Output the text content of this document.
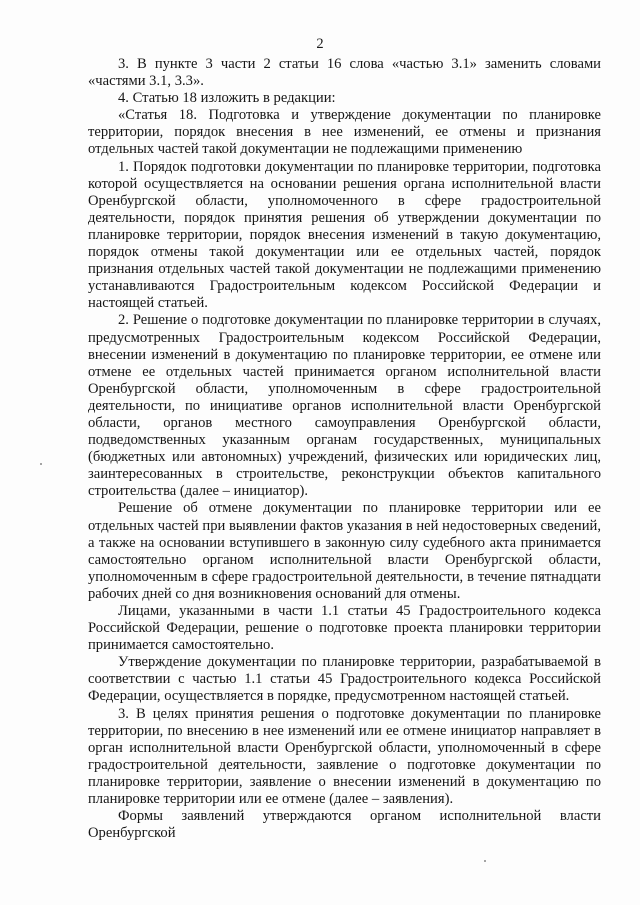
2

3. В пункте 3 части 2 статьи 16 слова «частью 3.1» заменить словами «частями 3.1, 3.3».

4. Статью 18 изложить в редакции:

«Статья 18. Подготовка и утверждение документации по планировке территории, порядок внесения в нее изменений, ее отмены и признания отдельных частей такой документации не подлежащими применению

1. Порядок подготовки документации по планировке территории, подготовка которой осуществляется на основании решения органа исполнительной власти Оренбургской области, уполномоченного в сфере градостроительной деятельности, порядок принятия решения об утверждении документации по планировке территории, порядок внесения изменений в такую документацию, порядок отмены такой документации или ее отдельных частей, порядок признания отдельных частей такой документации не подлежащими применению устанавливаются Градостроительным кодексом Российской Федерации и настоящей статьей.

2. Решение о подготовке документации по планировке территории в случаях, предусмотренных Градостроительным кодексом Российской Федерации, внесении изменений в документацию по планировке территории, ее отмене или отмене ее отдельных частей принимается органом исполнительной власти Оренбургской области, уполномоченным в сфере градостроительной деятельности, по инициативе органов исполнительной власти Оренбургской области, органов местного самоуправления Оренбургской области, подведомственных указанным органам государственных, муниципальных (бюджетных или автономных) учреждений, физических или юридических лиц, заинтересованных в строительстве, реконструкции объектов капитального строительства (далее – инициатор).

Решение об отмене документации по планировке территории или ее отдельных частей при выявлении фактов указания в ней недостоверных сведений, а также на основании вступившего в законную силу судебного акта принимается самостоятельно органом исполнительной власти Оренбургской области, уполномоченным в сфере градостроительной деятельности, в течение пятнадцати рабочих дней со дня возникновения оснований для отмены.

Лицами, указанными в части 1.1 статьи 45 Градостроительного кодекса Российской Федерации, решение о подготовке проекта планировки территории принимается самостоятельно.

Утверждение документации по планировке территории, разрабатываемой в соответствии с частью 1.1 статьи 45 Градостроительного кодекса Российской Федерации, осуществляется в порядке, предусмотренном настоящей статьей.

3. В целях принятия решения о подготовке документации по планировке территории, по внесению в нее изменений или ее отмене инициатор направляет в орган исполнительной власти Оренбургской области, уполномоченный в сфере градостроительной деятельности, заявление о подготовке документации по планировке территории, заявление о внесении изменений в документацию по планировке территории или ее отмене (далее – заявления).

Формы заявлений утверждаются органом исполнительной власти Оренбургской
